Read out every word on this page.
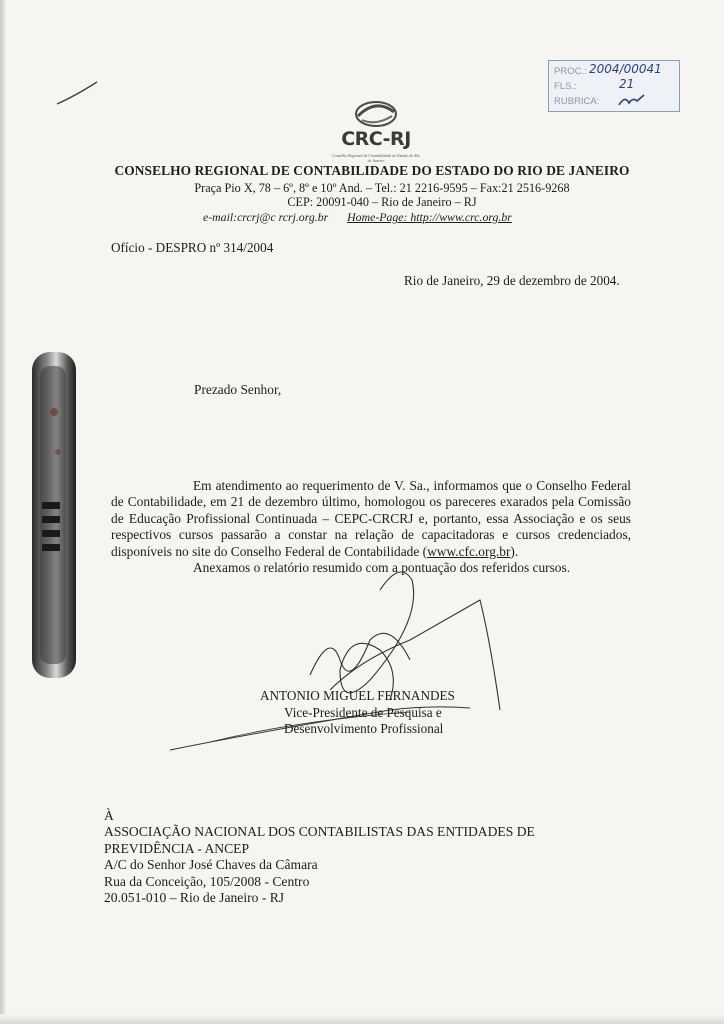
PROC.: 2004/00041
FLS.:	21
RUBRICA:
CRC-RJ
Conselho Regional de Contabilidade do Estado do Rio de Janeiro
CONSELHO REGIONAL DE CONTABILIDADE DO ESTADO DO RIO DE JANEIRO
Praça Pio X, 78 – 6º, 8º e 10º And. – Tel.: 21 2216-9595 – Fax:21 2516-9268
CEP: 20091-040 – Rio de Janeiro – RJ
e-mail:crcrj@c rcrj.org.br Home-Page: http://www.crc.org.br
Ofício - DESPRO nº 314/2004
Rio de Janeiro, 29 de dezembro de 2004.
Prezado Senhor,

Em atendimento ao requerimento de V. Sa., informamos que o Conselho Federal de Contabilidade, em 21 de dezembro último, homologou os pareceres exarados pela Comissão de Educação Profissional Continuada – CEPC-CRCRJ e, portanto, essa Associação e os seus respectivos cursos passarão a constar na relação de capacitadoras e cursos credenciados, disponíveis no site do Conselho Federal de Contabilidade (www.cfc.org.br).

Anexamos o relatório resumido com a pontuação dos referidos cursos.

ANTONIO MIGUEL FERNANDES
Vice-Presidente de Pesquisa e
Desenvolvimento Profissional
À
ASSOCIAÇÃO NACIONAL DOS CONTABILISTAS DAS ENTIDADES DE
PREVIDÊNCIA - ANCEP
A/C do Senhor José Chaves da Câmara
Rua da Conceição, 105/2008 - Centro
20.051-010 – Rio de Janeiro - RJ
